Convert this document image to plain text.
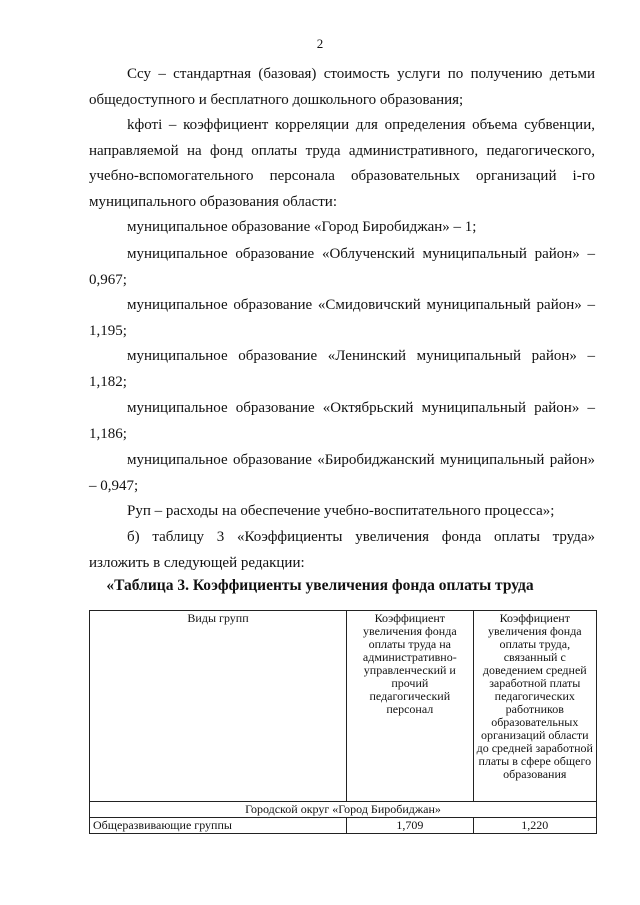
2

Cсу – стандартная (базовая) стоимость услуги по получению детьми общедоступного и бесплатного дошкольного образования;

kфотi – коэффициент корреляции для определения объема субвенции, направляемой на фонд оплаты труда административного, педагогического, учебно-вспомогательного персонала образовательных организаций i-го муниципального образования области:

муниципальное образование «Город Биробиджан» – 1;

муниципальное образование «Облученский муниципальный район» – 0,967;

муниципальное образование «Смидовичский муниципальный район» – 1,195;

муниципальное образование «Ленинский муниципальный район» – 1,182;

муниципальное образование «Октябрьский муниципальный район» – 1,186;

муниципальное образование «Биробиджанский муниципальный район» – 0,947;

Pуп – расходы на обеспечение учебно-воспитательного процесса»;

б) таблицу 3 «Коэффициенты увеличения фонда оплаты труда» изложить в следующей редакции:

«Таблица 3. Коэффициенты увеличения фонда оплаты труда
Виды групп	Коэффициент увеличения фонда оплаты труда на административно-управленческий и прочий педагогический персонал	Коэффициент увеличения фонда оплаты труда, связанный с доведением средней заработной платы педагогических работников образовательных организаций области до средней заработной платы в сфере общего образования
Городской округ «Город Биробиджан»		
Общеразвивающие группы	1,709	1,220
